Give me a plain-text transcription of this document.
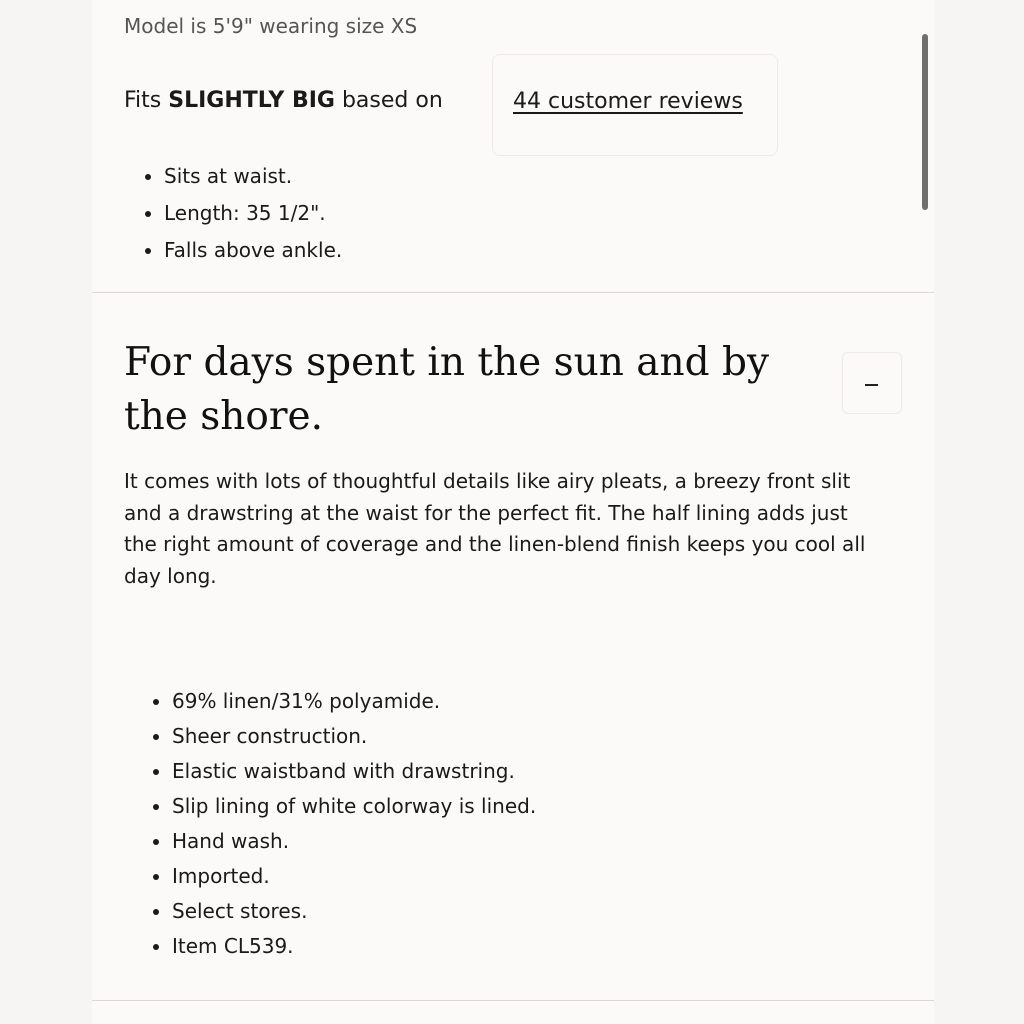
Model is 5'9" wearing size XS
Fits SLIGHTLY BIG based on	44 customer reviews
• Sits at waist.
• Length: 35 1/2".
• Falls above ankle.
For days spent in the sun and by the shore.

It comes with lots of thoughtful details like airy pleats, a breezy front slit and a drawstring at the waist for the perfect fit. The half lining adds just the right amount of coverage and the linen-blend finish keeps you cool all day long.

• 69% linen/31% polyamide.
• Sheer construction.
• Elastic waistband with drawstring.
• Slip lining of white colorway is lined.
• Hand wash.
• Imported.
• Select stores.
• Item CL539.
